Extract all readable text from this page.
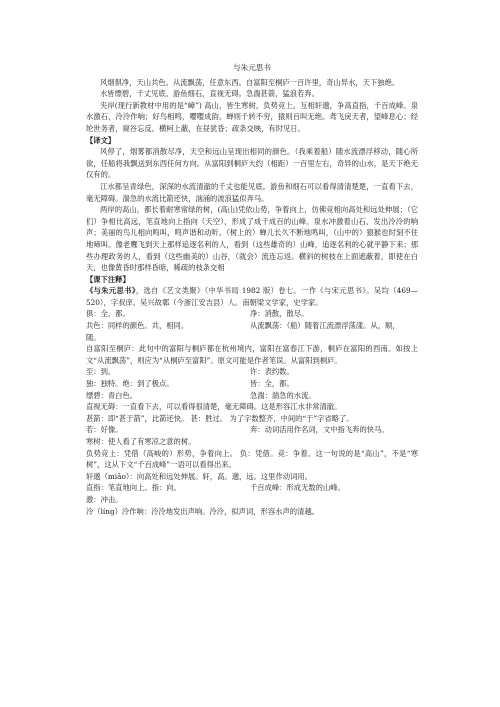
与朱元思书

风烟俱净，天山共色。从流飘荡，任意东西。自富阳至桐庐一百许里，奇山异水，天下独绝。

水皆缥碧，千丈见底。游鱼细石，直视无碍。急湍甚箭，猛浪若奔。

夹岸(现行新教材中用的是“嶂”) 高山，皆生寒树，负势竞上，互相轩邈，争高直指，千百成峰。泉水激石，泠泠作响；好鸟相鸣，嘤嘤成韵。蝉则千转不穷，猿则百叫无绝。鸢飞戾天者，望峰息心；经纶世务者，窥谷忘反。横柯上蔽，在昼犹昏；疏条交映，有时见日。

【译文】

风停了，烟雾都消散尽净，天空和远山呈现出相同的颜色。（我乘着船）随水流漂浮移动，随心所欲，任船将我飘送到东西任何方向。从富阳到桐庐大约（相距）一百里左右，奇异的山水，是天下绝无仅有的。

江水都呈青绿色，深深的水流清澈的千丈也能见底。游鱼和细石可以看得清清楚楚，一直看下去，毫无障碍。湍急的水流比箭还快，汹涌的波浪猛似奔马。

两岸的高山，都长着耐寒常绿的树，(高山)凭依山势，争着向上，仿佛竞相向高处和远处伸展；（它们）争相比高远，笔直地向上指向（天空），形成了成千成百的山峰。泉水冲激着山石，发出泠泠的响声；美丽的鸟儿相向鸣叫，鸣声谐和动听。（树上的）蝉儿长久不断地鸣叫，（山中的）猿猴也时刻不住地啼叫。像老鹰飞到天上那样追逐名利的人，看到（这些雄奇的）山峰，追逐名利的心就平静下来；那些办理政务的人，看到（这些幽美的）山谷，（就会）流连忘返。横斜的树枝在上面遮蔽着，即使在白天，也像黄昏时那样昏暗，稀疏的枝条交相

【课下注释】
《与朱元思书》，选自《艺文类聚》（中华书局 1982 版）卷七。一作《与宋元思书》。吴均（469—520），字叔庠。吴兴故鄣（今浙江安吉县）人。南朝梁文学家，史学家。
俱：全，都。	净：消散，散尽。
共色：同样的颜色。共，相同。	从流飘荡：（船）随着江流漂浮荡漾。从，顺，
随。
自富阳至桐庐：此句中的富阳与桐庐都在杭州境内，富阳在富春江下游，桐庐在富阳的西南。如按上文“从流飘荡”，则应为“从桐庐至富阳”。原文可能是作者笔误。从富阳到桐庐。
至：到。	许：表约数。
独：独特。绝：到了极点。	皆：全，都。
缥碧：青白色。	急湍：湍急的水流。
直视无碍：一直看下去，可以看得很清楚，毫无障碍。这是形容江水非常清澈。
甚箭：即“甚于箭”，比箭还快。 甚：胜过。 为了字数整齐，中间的“于”字省略了。
若：好像。	奔：动词活用作名词，文中指飞奔的快马。
寒树：使人看了有寒凉之意的树。
负势竞上：凭借（高峻的）形势，争着向上。 负：凭借。竞：争着。这一句说的是“高山”，不是“寒树”，这从下文“千百成峰”一语可以看得出来。
轩邈（miǎo）：向高处和远处伸展。轩，高。邈，远。这里作动词用。
直指：笔直地向上。指：向。	千百成峰：形成无数的山峰。
激：冲击。
泠（líng）泠作响：泠泠地发出声响。泠泠，拟声词，形容水声的清越。
